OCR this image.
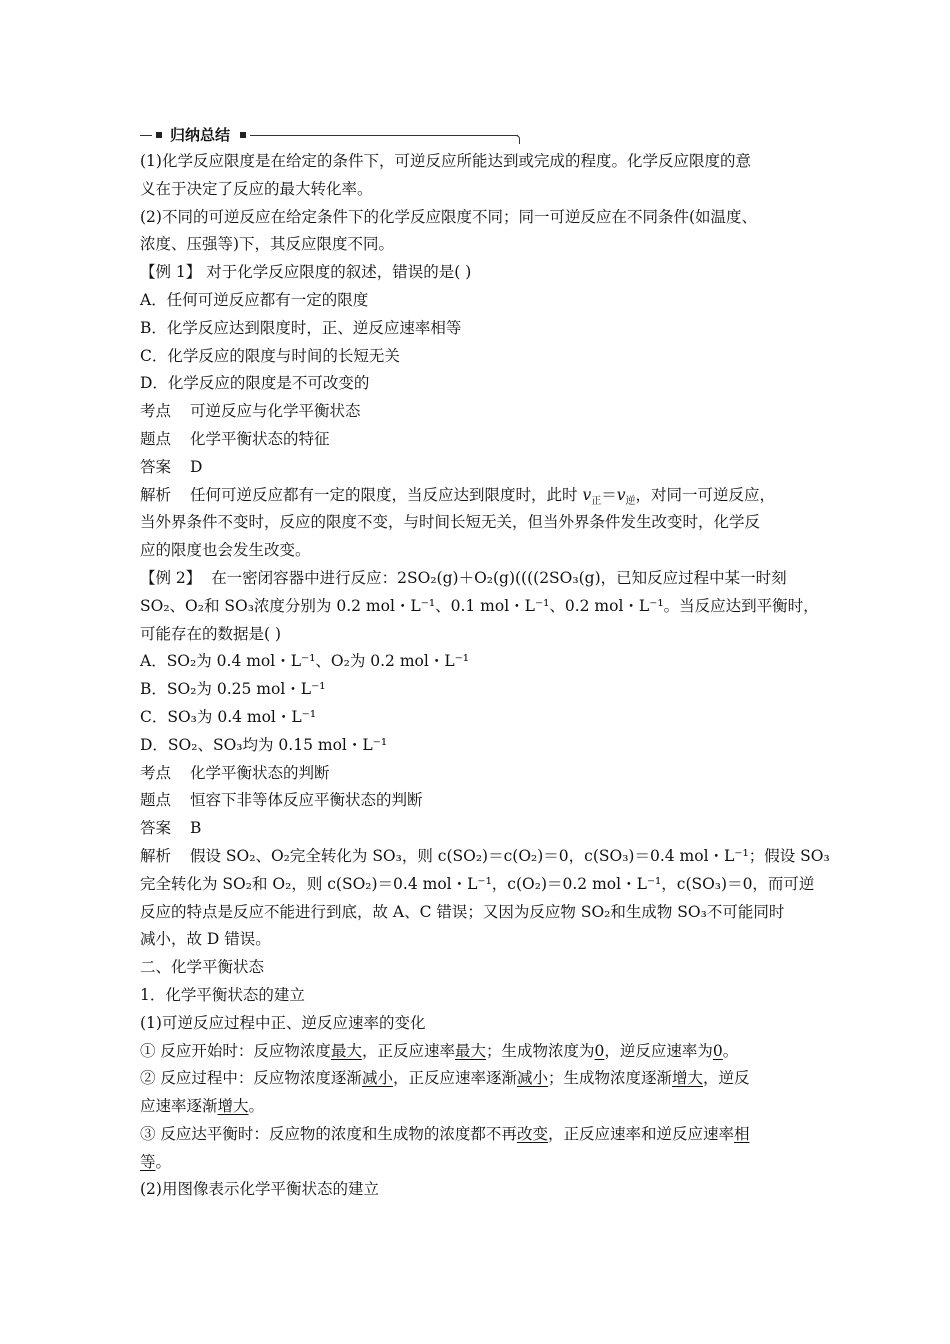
归纳总结

(1)化学反应限度是在给定的条件下，可逆反应所能达到或完成的程度。化学反应限度的意

义在于决定了反应的最大转化率。

(2)不同的可逆反应在给定条件下的化学反应限度不同；同一可逆反应在不同条件(如温度、

浓度、压强等)下，其反应限度不同。

【例 1】 对于化学反应限度的叙述，错误的是( )

A．任何可逆反应都有一定的限度

B．化学反应达到限度时，正、逆反应速率相等

C．化学反应的限度与时间的长短无关

D．化学反应的限度是不可改变的

考点 可逆反应与化学平衡状态

题点 化学平衡状态的特征

答案 D

解析 任何可逆反应都有一定的限度，当反应达到限度时，此时 $v_正=v_逆$，对同一可逆反应，

当外界条件不变时，反应的限度不变，与时间长短无关，但当外界条件发生改变时，化学反

应的限度也会发生改变。

【例 2】 在一密闭容器中进行反应：2SO₂(g)＋O₂(g)((((2SO₃(g)，已知反应过程中某一时刻

SO₂、O₂和 SO₃浓度分别为 0.2 mol・L⁻¹、0.1 mol・L⁻¹、0.2 mol・L⁻¹。当反应达到平衡时，

可能存在的数据是( )

A．SO₂为 0.4 mol・L⁻¹、O₂为 0.2 mol・L⁻¹

B．SO₂为 0.25 mol・L⁻¹

C．SO₃为 0.4 mol・L⁻¹

D．SO₂、SO₃均为 0.15 mol・L⁻¹

考点 化学平衡状态的判断

题点 恒容下非等体反应平衡状态的判断

答案 B

解析 假设 SO₂、O₂完全转化为 SO₃，则 c(SO₂)＝c(O₂)＝0，c(SO₃)＝0.4 mol・L⁻¹；假设 SO₃

完全转化为 SO₂和 O₂，则 c(SO₂)＝0.4 mol・L⁻¹，c(O₂)＝0.2 mol・L⁻¹，c(SO₃)＝0，而可逆

反应的特点是反应不能进行到底，故 A、C 错误；又因为反应物 SO₂和生成物 SO₃不可能同时

减小，故 D 错误。

二、化学平衡状态

1．化学平衡状态的建立

(1)可逆反应过程中正、逆反应速率的变化

① 反应开始时：反应物浓度最大，正反应速率最大；生成物浓度为0，逆反应速率为0。

② 反应过程中：反应物浓度逐渐减小，正反应速率逐渐减小；生成物浓度逐渐增大，逆反

应速率逐渐增大。

③ 反应达平衡时：反应物的浓度和生成物的浓度都不再改变，正反应速率和逆反应速率相

等。

(2)用图像表示化学平衡状态的建立
